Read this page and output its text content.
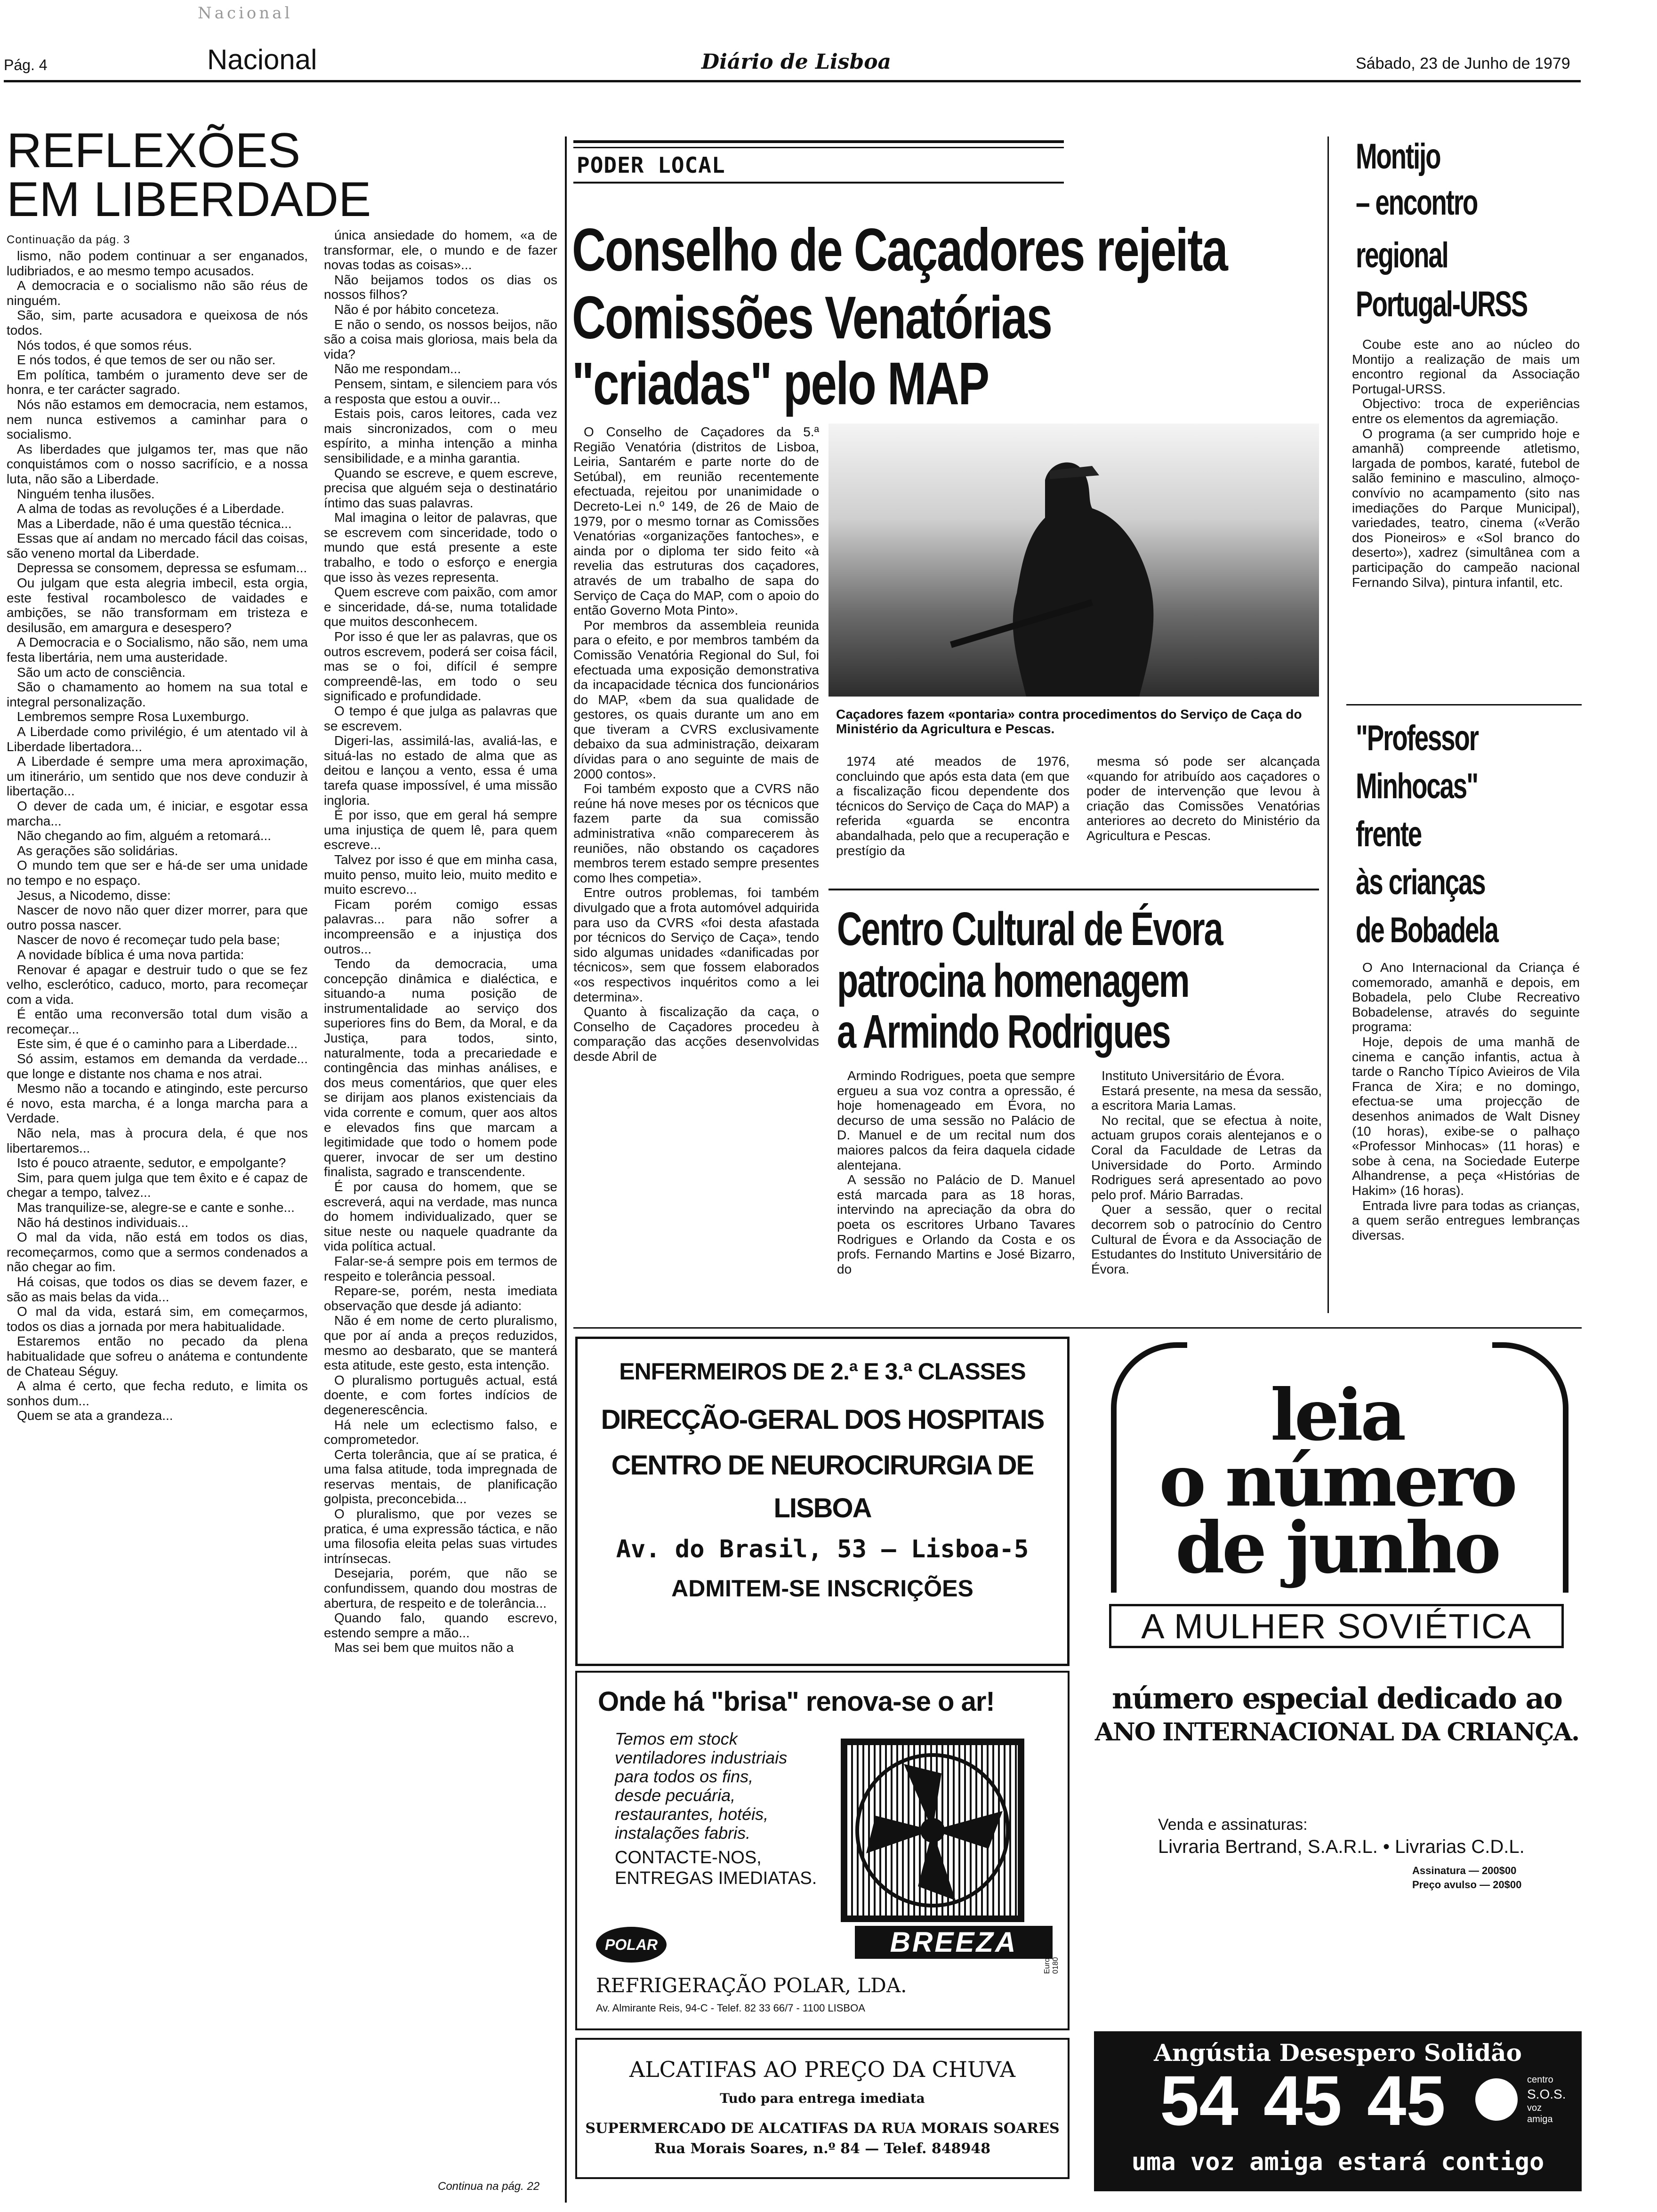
Nacional
Pág. 4	Nacional	Diário de Lisboa	Sábado, 23 de Junho de 1979
REFLEXÕES
EM LIBERDADE
Continuação da pág. 3

lismo, não podem continuar a ser enganados, ludibriados, e ao mesmo tempo acusados.

A democracia e o socialismo não são réus de ninguém.

São, sim, parte acusadora e queixosa de nós todos.

Nós todos, é que somos réus.

E nós todos, é que temos de ser ou não ser.

Em política, também o juramento deve ser de honra, e ter carácter sagrado.

Nós não estamos em democracia, nem estamos, nem nunca estivemos a caminhar para o socialismo.

As liberdades que julgamos ter, mas que não conquistámos com o nosso sacrifício, e a nossa luta, não são a Liberdade.

Ninguém tenha ilusões.

A alma de todas as revoluções é a Liberdade.

Mas a Liberdade, não é uma questão técnica...

Essas que aí andam no mercado fácil das coisas, são veneno mortal da Liberdade.

Depressa se consomem, depressa se esfumam...

Ou julgam que esta alegria imbecil, esta orgia, este festival rocambolesco de vaidades e ambições, se não transformam em tristeza e desilusão, em amargura e desespero?

A Democracia e o Socialismo, não são, nem uma festa libertária, nem uma austeridade.

São um acto de consciência.

São o chamamento ao homem na sua total e integral personalização.

Lembremos sempre Rosa Luxemburgo.

A Liberdade como privilégio, é um atentado vil à Liberdade libertadora...

A Liberdade é sempre uma mera aproximação, um itinerário, um sentido que nos deve conduzir à libertação...

O dever de cada um, é iniciar, e esgotar essa marcha...

Não chegando ao fim, alguém a retomará...

As gerações são solidárias.

O mundo tem que ser e há-de ser uma unidade no tempo e no espaço.

Jesus, a Nicodemo, disse:

Nascer de novo não quer dizer morrer, para que outro possa nascer.

Nascer de novo é recomeçar tudo pela base;

A novidade bíblica é uma nova partida:

Renovar é apagar e destruir tudo o que se fez velho, esclerótico, caduco, morto, para recomeçar com a vida.

É então uma reconversão total dum visão a recomeçar...

Este sim, é que é o caminho para a Liberdade...

Só assim, estamos em demanda da verdade... que longe e distante nos chama e nos atrai.

Mesmo não a tocando e atingindo, este percurso é novo, esta marcha, é a longa marcha para a Verdade.

Não nela, mas à procura dela, é que nos libertaremos...

Isto é pouco atraente, sedutor, e empolgante?

Sim, para quem julga que tem êxito e é capaz de chegar a tempo, talvez...

Mas tranquilize-se, alegre-se e cante e sonhe...

Não há destinos individuais...

O mal da vida, não está em todos os dias, recomeçarmos, como que a sermos condenados a não chegar ao fim.

Há coisas, que todos os dias se devem fazer, e são as mais belas da vida...

O mal da vida, estará sim, em começarmos, todos os dias a jornada por mera habitualidade.

Estaremos então no pecado da plena habitualidade que sofreu o anátema e contundente de Chateau Séguy.

A alma é certo, que fecha reduto, e limita os sonhos dum...

Quem se ata a grandeza...

única ansiedade do homem, «a de transformar, ele, o mundo e de fazer novas todas as coisas»...

Não beijamos todos os dias os nossos filhos?

Não é por hábito conceteza.

E não o sendo, os nossos beijos, não são a coisa mais gloriosa, mais bela da vida?

Não me respondam...

Pensem, sintam, e silenciem para vós a resposta que estou a ouvir...

Estais pois, caros leitores, cada vez mais sincronizados, com o meu espírito, a minha intenção a minha sensibilidade, e a minha garantia.

Quando se escreve, e quem escreve, precisa que alguém seja o destinatário íntimo das suas palavras.

Mal imagina o leitor de palavras, que se escrevem com sinceridade, todo o mundo que está presente a este trabalho, e todo o esforço e energia que isso às vezes representa.

Quem escreve com paixão, com amor e sinceridade, dá-se, numa totalidade que muitos desconhecem.

Por isso é que ler as palavras, que os outros escrevem, poderá ser coisa fácil, mas se o foi, difícil é sempre compreendê-las, em todo o seu significado e profundidade.

O tempo é que julga as palavras que se escrevem.

Digeri-las, assimilá-las, avaliá-las, e situá-las no estado de alma que as deitou e lançou a vento, essa é uma tarefa quase impossível, é uma missão ingloria.

É por isso, que em geral há sempre uma injustiça de quem lê, para quem escreve...

Talvez por isso é que em minha casa, muito penso, muito leio, muito medito e muito escrevo...

Ficam porém comigo essas palavras... para não sofrer a incompreensão e a injustiça dos outros...

Tendo da democracia, uma concepção dinâmica e dialéctica, e situando-a numa posição de instrumentalidade ao serviço dos superiores fins do Bem, da Moral, e da Justiça, para todos, sinto, naturalmente, toda a precariedade e contingência das minhas análises, e dos meus comentários, que quer eles se dirijam aos planos existenciais da vida corrente e comum, quer aos altos e elevados fins que marcam a legitimidade que todo o homem pode querer, invocar de ser um destino finalista, sagrado e transcendente.

É por causa do homem, que se escreverá, aqui na verdade, mas nunca do homem individualizado, quer se situe neste ou naquele quadrante da vida política actual.

Falar-se-á sempre pois em termos de respeito e tolerância pessoal.

Repare-se, porém, nesta imediata observação que desde já adianto:

Não é em nome de certo pluralismo, que por aí anda a preços reduzidos, mesmo ao desbarato, que se manterá esta atitude, este gesto, esta intenção.

O pluralismo português actual, está doente, e com fortes indícios de degenerescência.

Há nele um eclectismo falso, e comprometedor.

Certa tolerância, que aí se pratica, é uma falsa atitude, toda impregnada de reservas mentais, de planificação golpista, preconcebida...

O pluralismo, que por vezes se pratica, é uma expressão táctica, e não uma filosofia eleita pelas suas virtudes intrínsecas.

Desejaria, porém, que não se confundissem, quando dou mostras de abertura, de respeito e de tolerância...

Quando falo, quando escrevo, estendo sempre a mão...

Mas sei bem que muitos não a

Continua na pág. 22
PODER LOCAL
Conselho de Caçadores rejeita
Comissões Venatórias
"criadas" pelo MAP

O Conselho de Caçadores da 5.ª Região Venatória (distritos de Lisboa, Leiria, Santarém e parte norte do de Setúbal), em reunião recentemente efectuada, rejeitou por unanimidade o Decreto-Lei n.º 149, de 26 de Maio de 1979, por o mesmo tornar as Comissões Venatórias «organizações fantoches», e ainda por o diploma ter sido feito «à revelia das estruturas dos caçadores, através de um trabalho de sapa do Serviço de Caça do MAP, com o apoio do então Governo Mota Pinto».

Por membros da assembleia reunida para o efeito, e por membros também da Comissão Venatória Regional do Sul, foi efectuada uma exposição demonstrativa da incapacidade técnica dos funcionários do MAP, «bem da sua qualidade de gestores, os quais durante um ano em que tiveram a CVRS exclusivamente debaixo da sua administração, deixaram dívidas para o ano seguinte de mais de 2000 contos».

Foi também exposto que a CVRS não reúne há nove meses por os técnicos que fazem parte da sua comissão administrativa «não comparecerem às reuniões, não obstando os caçadores membros terem estado sempre presentes como lhes competia».

Entre outros problemas, foi também divulgado que a frota automóvel adquirida para uso da CVRS «foi desta afastada por técnicos do Serviço de Caça», tendo sido algumas unidades «danificadas por técnicos», sem que fossem elaborados «os respectivos inquéritos como a lei determina».

Quanto à fiscalização da caça, o Conselho de Caçadores procedeu à comparação das acções desenvolvidas desde Abril de

Caçadores fazem «pontaria» contra procedimentos do Serviço de Caça do Ministério da Agricultura e Pescas.

1974 até meados de 1976, concluindo que após esta data (em que a fiscalização ficou dependente dos técnicos do Serviço de Caça do MAP) a referida «guarda se encontra abandalhada, pelo que a recuperação e prestígio da

mesma só pode ser alcançada «quando for atribuído aos caçadores o poder de intervenção que levou à criação das Comissões Venatórias anteriores ao decreto do Ministério da Agricultura e Pescas.

Centro Cultural de Évora
patrocina homenagem
a Armindo Rodrigues

Armindo Rodrigues, poeta que sempre ergueu a sua voz contra a opressão, é hoje homenageado em Évora, no decurso de uma sessão no Palácio de D. Manuel e de um recital num dos maiores palcos da feira daquela cidade alentejana.

A sessão no Palácio de D. Manuel está marcada para as 18 horas, intervindo na apreciação da obra do poeta os escritores Urbano Tavares Rodrigues e Orlando da Costa e os profs. Fernando Martins e José Bizarro, do

Instituto Universitário de Évora.

Estará presente, na mesa da sessão, a escritora Maria Lamas.

No recital, que se efectua à noite, actuam grupos corais alentejanos e o Coral da Faculdade de Letras da Universidade do Porto. Armindo Rodrigues será apresentado ao povo pelo prof. Mário Barradas.

Quer a sessão, quer o recital decorrem sob o patrocínio do Centro Cultural de Évora e da Associação de Estudantes do Instituto Universitário de Évora.

Montijo
– encontro
regional
Portugal-URSS

Coube este ano ao núcleo do Montijo a realização de mais um encontro regional da Associação Portugal-URSS.

Objectivo: troca de experiências entre os elementos da agremiação.

O programa (a ser cumprido hoje e amanhã) compreende atletismo, largada de pombos, karaté, futebol de salão feminino e masculino, almoço-convívio no acampamento (sito nas imediações do Parque Municipal), variedades, teatro, cinema («Verão dos Pioneiros» e «Sol branco do deserto»), xadrez (simultânea com a participação do campeão nacional Fernando Silva), pintura infantil, etc.

"Professor
Minhocas"
frente
às crianças
de Bobadela

O Ano Internacional da Criança é comemorado, amanhã e depois, em Bobadela, pelo Clube Recreativo Bobadelense, através do seguinte programa:

Hoje, depois de uma manhã de cinema e canção infantis, actua à tarde o Rancho Típico Avieiros de Vila Franca de Xira; e no domingo, efectua-se uma projecção de desenhos animados de Walt Disney (10 horas), exibe-se o palhaço «Professor Minhocas» (11 horas) e sobe à cena, na Sociedade Euterpe Alhandrense, a peça «Histórias de Hakim» (16 horas).

Entrada livre para todas as crianças, a quem serão entregues lembranças diversas.

ENFERMEIROS DE 2.ª E 3.ª CLASSES
DIRECÇÃO-GERAL DOS HOSPITAIS
CENTRO DE NEUROCIRURGIA DE
LISBOA
Av. do Brasil, 53 — Lisboa-5
ADMITEM-SE INSCRIÇÕES
Onde há "brisa" renova-se o ar!
Temos em stock
ventiladores industriais
para todos os fins,
desde pecuária,
restaurantes, hotéis,
instalações fabris.
CONTACTE-NOS,
ENTREGAS IMEDIATAS.
POLAR	BREEZA
REFRIGERAÇÃO POLAR, LDA.
Av. Almirante Reis, 94-C - Telef. 82 33 66/7 - 1100 LISBOA
Europa 0180
ALCATIFAS AO PREÇO DA CHUVA
Tudo para entrega imediata
SUPERMERCADO DE ALCATIFAS DA RUA MORAIS SOARES
Rua Morais Soares, n.º 84 — Telef. 848948
leia
o número
de junho
A MULHER SOVIÉTICA
número especial dedicado ao
ANO INTERNACIONAL DA CRIANÇA.
Venda e assinaturas:
Livraria Bertrand, S.A.R.L. • Livrarias C.D.L.
Assinatura — 200$00
Preço avulso — 20$00
Angústia Desespero Solidão
54 45 45	centro
S.O.S.
voz
amiga
uma voz amiga estará contigo
